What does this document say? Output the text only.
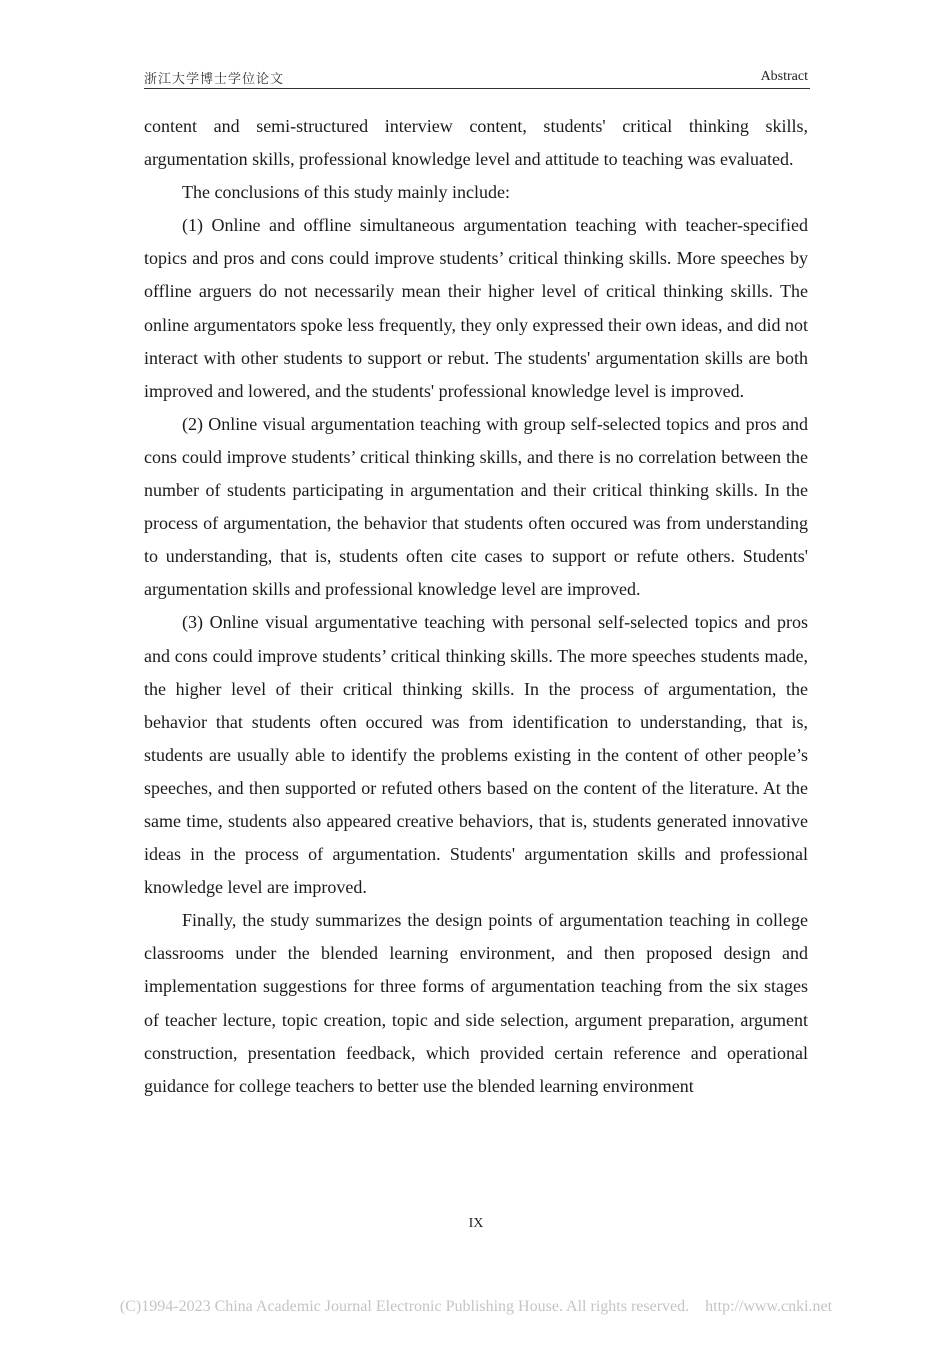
浙江大学博士学位论文	Abstract

content and semi-structured interview content, students' critical thinking skills, argumentation skills, professional knowledge level and attitude to teaching was evaluated.

The conclusions of this study mainly include:

(1) Online and offline simultaneous argumentation teaching with teacher-specified topics and pros and cons could improve students’ critical thinking skills. More speeches by offline arguers do not necessarily mean their higher level of critical thinking skills. The online argumentators spoke less frequently, they only expressed their own ideas, and did not interact with other students to support or rebut. The students' argumentation skills are both improved and lowered, and the students' professional knowledge level is improved.

(2) Online visual argumentation teaching with group self-selected topics and pros and cons could improve students’ critical thinking skills, and there is no correlation between the number of students participating in argumentation and their critical thinking skills. In the process of argumentation, the behavior that students often occured was from understanding to understanding, that is, students often cite cases to support or refute others. Students' argumentation skills and professional knowledge level are improved.

(3) Online visual argumentative teaching with personal self-selected topics and pros and cons could improve students’ critical thinking skills. The more speeches students made, the higher level of their critical thinking skills. In the process of argumentation, the behavior that students often occured was from identification to understanding, that is, students are usually able to identify the problems existing in the content of other people’s speeches, and then supported or refuted others based on the content of the literature. At the same time, students also appeared creative behaviors, that is, students generated innovative ideas in the process of argumentation. Students' argumentation skills and professional knowledge level are improved.

Finally, the study summarizes the design points of argumentation teaching in college classrooms under the blended learning environment, and then proposed design and implementation suggestions for three forms of argumentation teaching from the six stages of teacher lecture, topic creation, topic and side selection, argument preparation, argument construction, presentation feedback, which provided certain reference and operational guidance for college teachers to better use the blended learning environment

IX
(C)1994-2023 China Academic Journal Electronic Publishing House. All rights reserved. http://www.cnki.net
